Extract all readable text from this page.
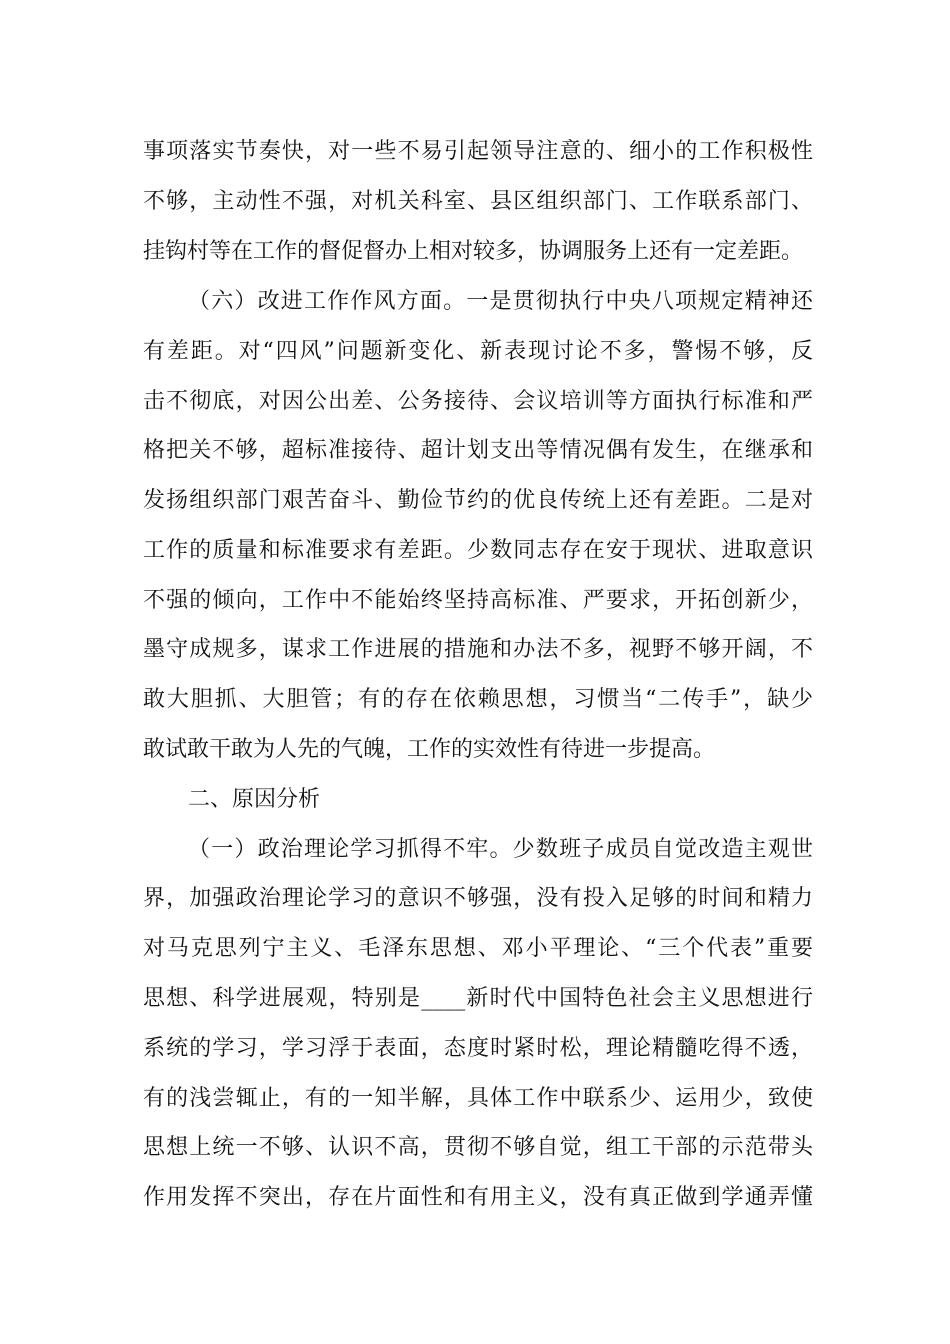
事项落实节奏快，对一些不易引起领导注意的、细小的工作积极性
不够，主动性不强，对机关科室、县区组织部门、工作联系部门、
挂钩村等在工作的督促督办上相对较多，协调服务上还有一定差距。
（六）改进工作作风方面。一是贯彻执行中央八项规定精神还
有差距。对“四风”问题新变化、新表现讨论不多，警惕不够，反
击不彻底，对因公出差、公务接待、会议培训等方面执行标准和严
格把关不够，超标准接待、超计划支出等情况偶有发生，在继承和
发扬组织部门艰苦奋斗、勤俭节约的优良传统上还有差距。二是对
工作的质量和标准要求有差距。少数同志存在安于现状、进取意识
不强的倾向，工作中不能始终坚持高标准、严要求，开拓创新少，
墨守成规多，谋求工作进展的措施和办法不多，视野不够开阔，不
敢大胆抓、大胆管；有的存在依赖思想，习惯当“二传手”，缺少
敢试敢干敢为人先的气魄，工作的实效性有待进一步提高。
二、原因分析
（一）政治理论学习抓得不牢。少数班子成员自觉改造主观世
界，加强政治理论学习的意识不够强，没有投入足够的时间和精力
对马克思列宁主义、毛泽东思想、邓小平理论、“三个代表”重要
思想、科学进展观，特别是____新时代中国特色社会主义思想进行
系统的学习，学习浮于表面，态度时紧时松，理论精髓吃得不透，
有的浅尝辄止，有的一知半解，具体工作中联系少、运用少，致使
思想上统一不够、认识不高，贯彻不够自觉，组工干部的示范带头
作用发挥不突出，存在片面性和有用主义，没有真正做到学通弄懂
